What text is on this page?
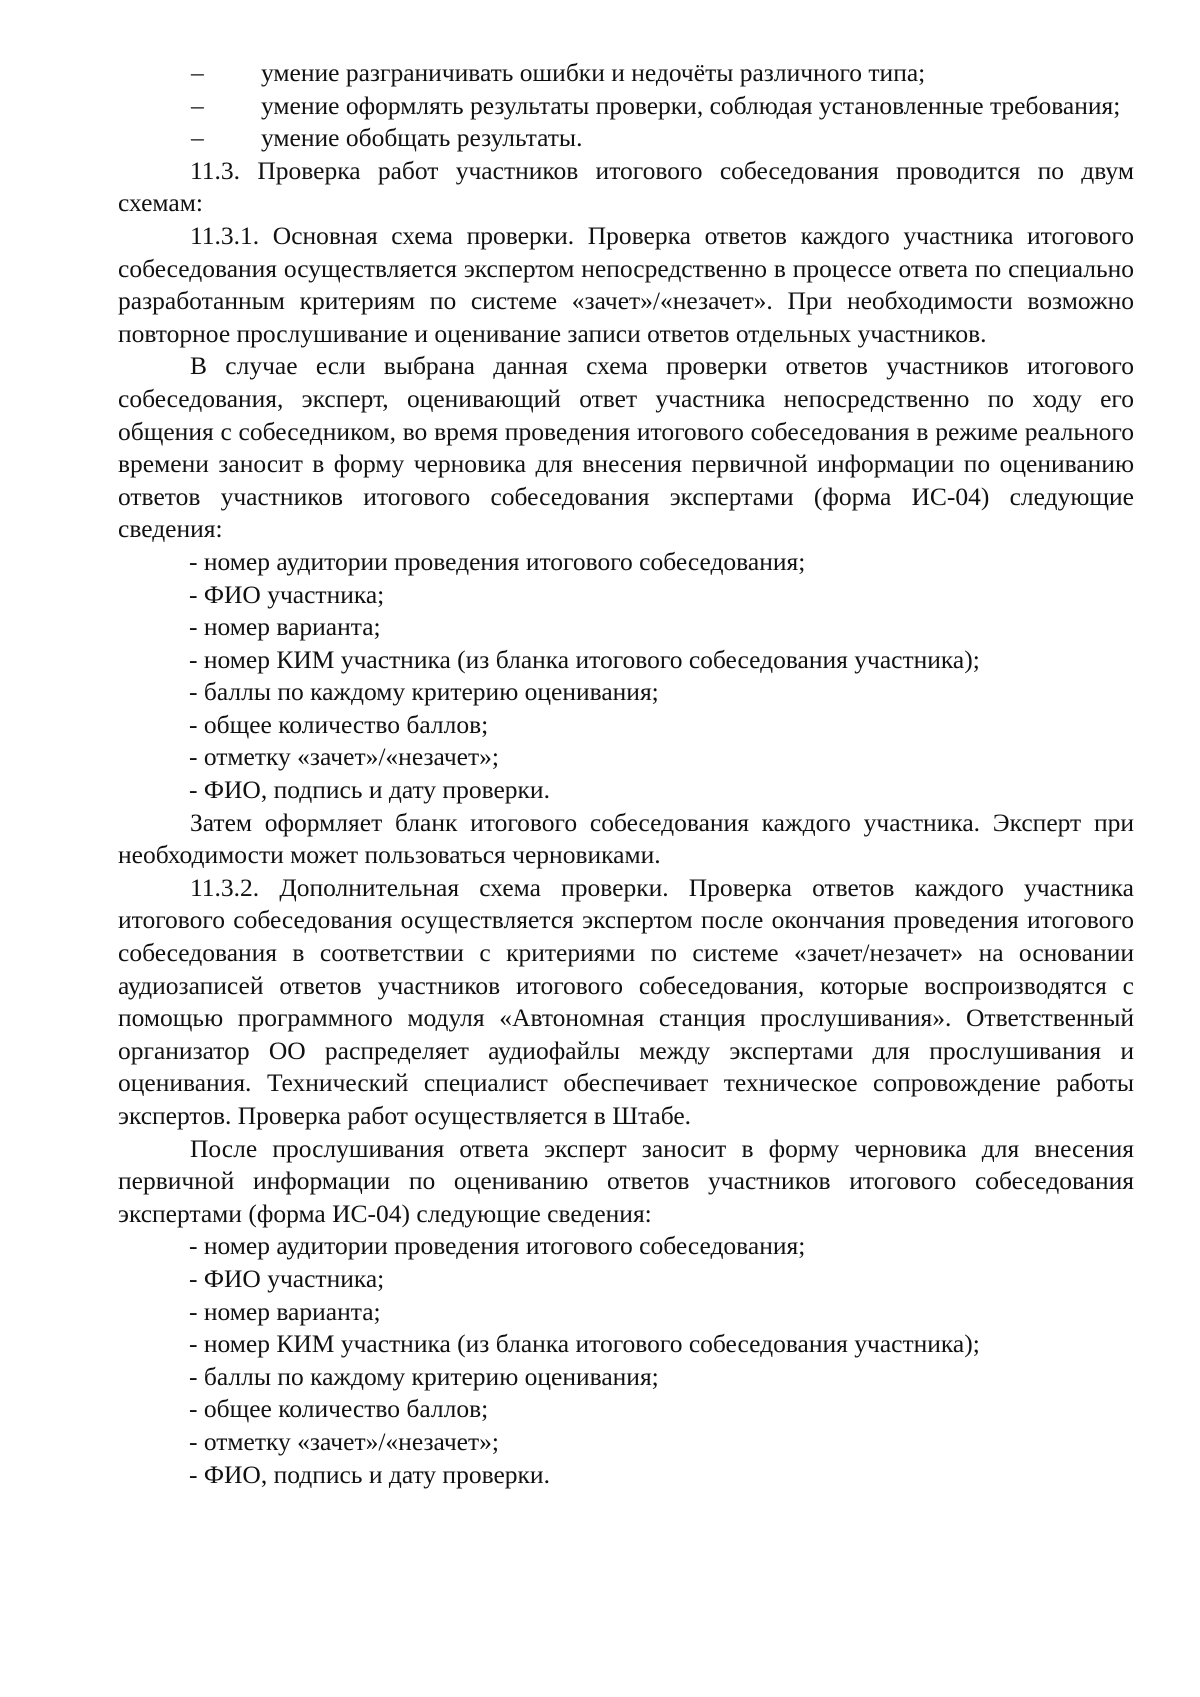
– умение разграничивать ошибки и недочёты различного типа;

– умение оформлять результаты проверки, соблюдая установленные требования;

– умение обобщать результаты.

11.3. Проверка работ участников итогового собеседования проводится по двум схемам:

11.3.1. Основная схема проверки. Проверка ответов каждого участника итогового собеседования осуществляется экспертом непосредственно в процессе ответа по специально разработанным критериям по системе «зачет»/«незачет». При необходимости возможно повторное прослушивание и оценивание записи ответов отдельных участников.

В случае если выбрана данная схема проверки ответов участников итогового собеседования, эксперт, оценивающий ответ участника непосредственно по ходу его общения с собеседником, во время проведения итогового собеседования в режиме реального времени заносит в форму черновика для внесения первичной информации по оцениванию ответов участников итогового собеседования экспертами (форма ИС-04) следующие сведения:

- номер аудитории проведения итогового собеседования;

- ФИО участника;

- номер варианта;

- номер КИМ участника (из бланка итогового собеседования участника);

- баллы по каждому критерию оценивания;

- общее количество баллов;

- отметку «зачет»/«незачет»;

- ФИО, подпись и дату проверки.

Затем оформляет бланк итогового собеседования каждого участника. Эксперт при необходимости может пользоваться черновиками.

11.3.2. Дополнительная схема проверки. Проверка ответов каждого участника итогового собеседования осуществляется экспертом после окончания проведения итогового собеседования в соответствии с критериями по системе «зачет/незачет» на основании аудиозаписей ответов участников итогового собеседования, которые воспроизводятся с помощью программного модуля «Автономная станция прослушивания». Ответственный организатор ОО распределяет аудиофайлы между экспертами для прослушивания и оценивания. Технический специалист обеспечивает техническое сопровождение работы экспертов. Проверка работ осуществляется в Штабе.

После прослушивания ответа эксперт заносит в форму черновика для внесения первичной информации по оцениванию ответов участников итогового собеседования экспертами (форма ИС-04) следующие сведения:

- номер аудитории проведения итогового собеседования;

- ФИО участника;

- номер варианта;

- номер КИМ участника (из бланка итогового собеседования участника);

- баллы по каждому критерию оценивания;

- общее количество баллов;

- отметку «зачет»/«незачет»;

- ФИО, подпись и дату проверки.
